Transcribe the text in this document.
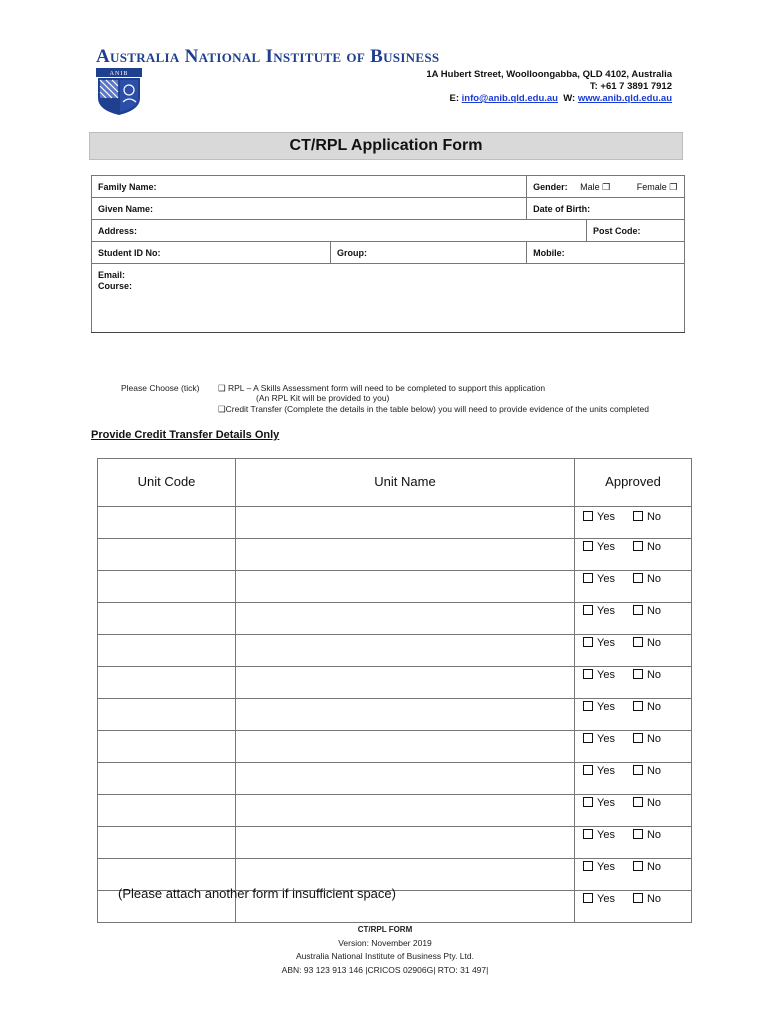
Australia National Institute of Business
ANIB	1A Hubert Street, Woolloongabba, QLD 4102, Australia
T: +61 7 3891 7912
E: info@anib.qld.edu.au W: www.anib.qld.edu.au
CT/RPL Application Form
Family Name:		Gender: Male ❐ Female ❐	
Given Name:		Date of Birth:	
Address:			Post Code:
Student ID No:	Group:	Mobile:	

Email:
Course:			
Please Choose (tick) ❑ RPL – A Skills Assessment form will need to be completed to support this application
(An RPL Kit will be provided to you)
❑Credit Transfer (Complete the details in the table below) you will need to provide evidence of the units completed
Provide Credit Transfer Details Only
Unit Code	Unit Name	Approved

		Yes No

		Yes No

		Yes No

		Yes No

		Yes No

		Yes No

		Yes No

		Yes No

		Yes No

		Yes No

		Yes No

		Yes No

		Yes No
(Please attach another form if insufficient space)
CT/RPL FORM
Version: November 2019
Australia National Institute of Business Pty. Ltd.
ABN: 93 123 913 146 |CRICOS 02906G| RTO: 31 497|
